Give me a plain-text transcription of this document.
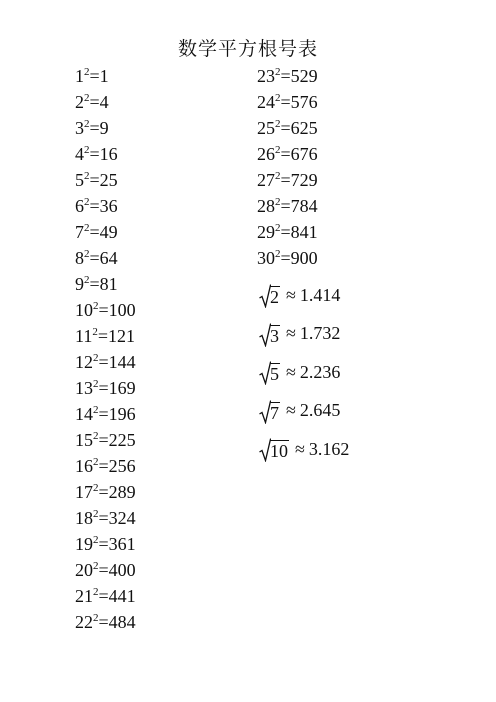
数学平方根号表
$1^2=1$
$2^2=4$
$3^2=9$
$4^2=16$
$5^2=25$
$6^2=36$
$7^2=49$
$8^2=64$
$9^2=81$
$10^2=100$
$11^2=121$
$12^2=144$
$13^2=169$
$14^2=196$
$15^2=225$
$16^2=256$
$17^2=289$
$18^2=324$
$19^2=361$
$20^2=400$
$21^2=441$
$22^2=484$
$23^2=529$
$24^2=576$
$25^2=625$
$26^2=676$
$27^2=729$
$28^2=784$
$29^2=841$
$30^2=900$
2 ≈ 1.414
3 ≈ 1.732
5 ≈ 2.236
7 ≈ 2.645
10 ≈ 3.162
